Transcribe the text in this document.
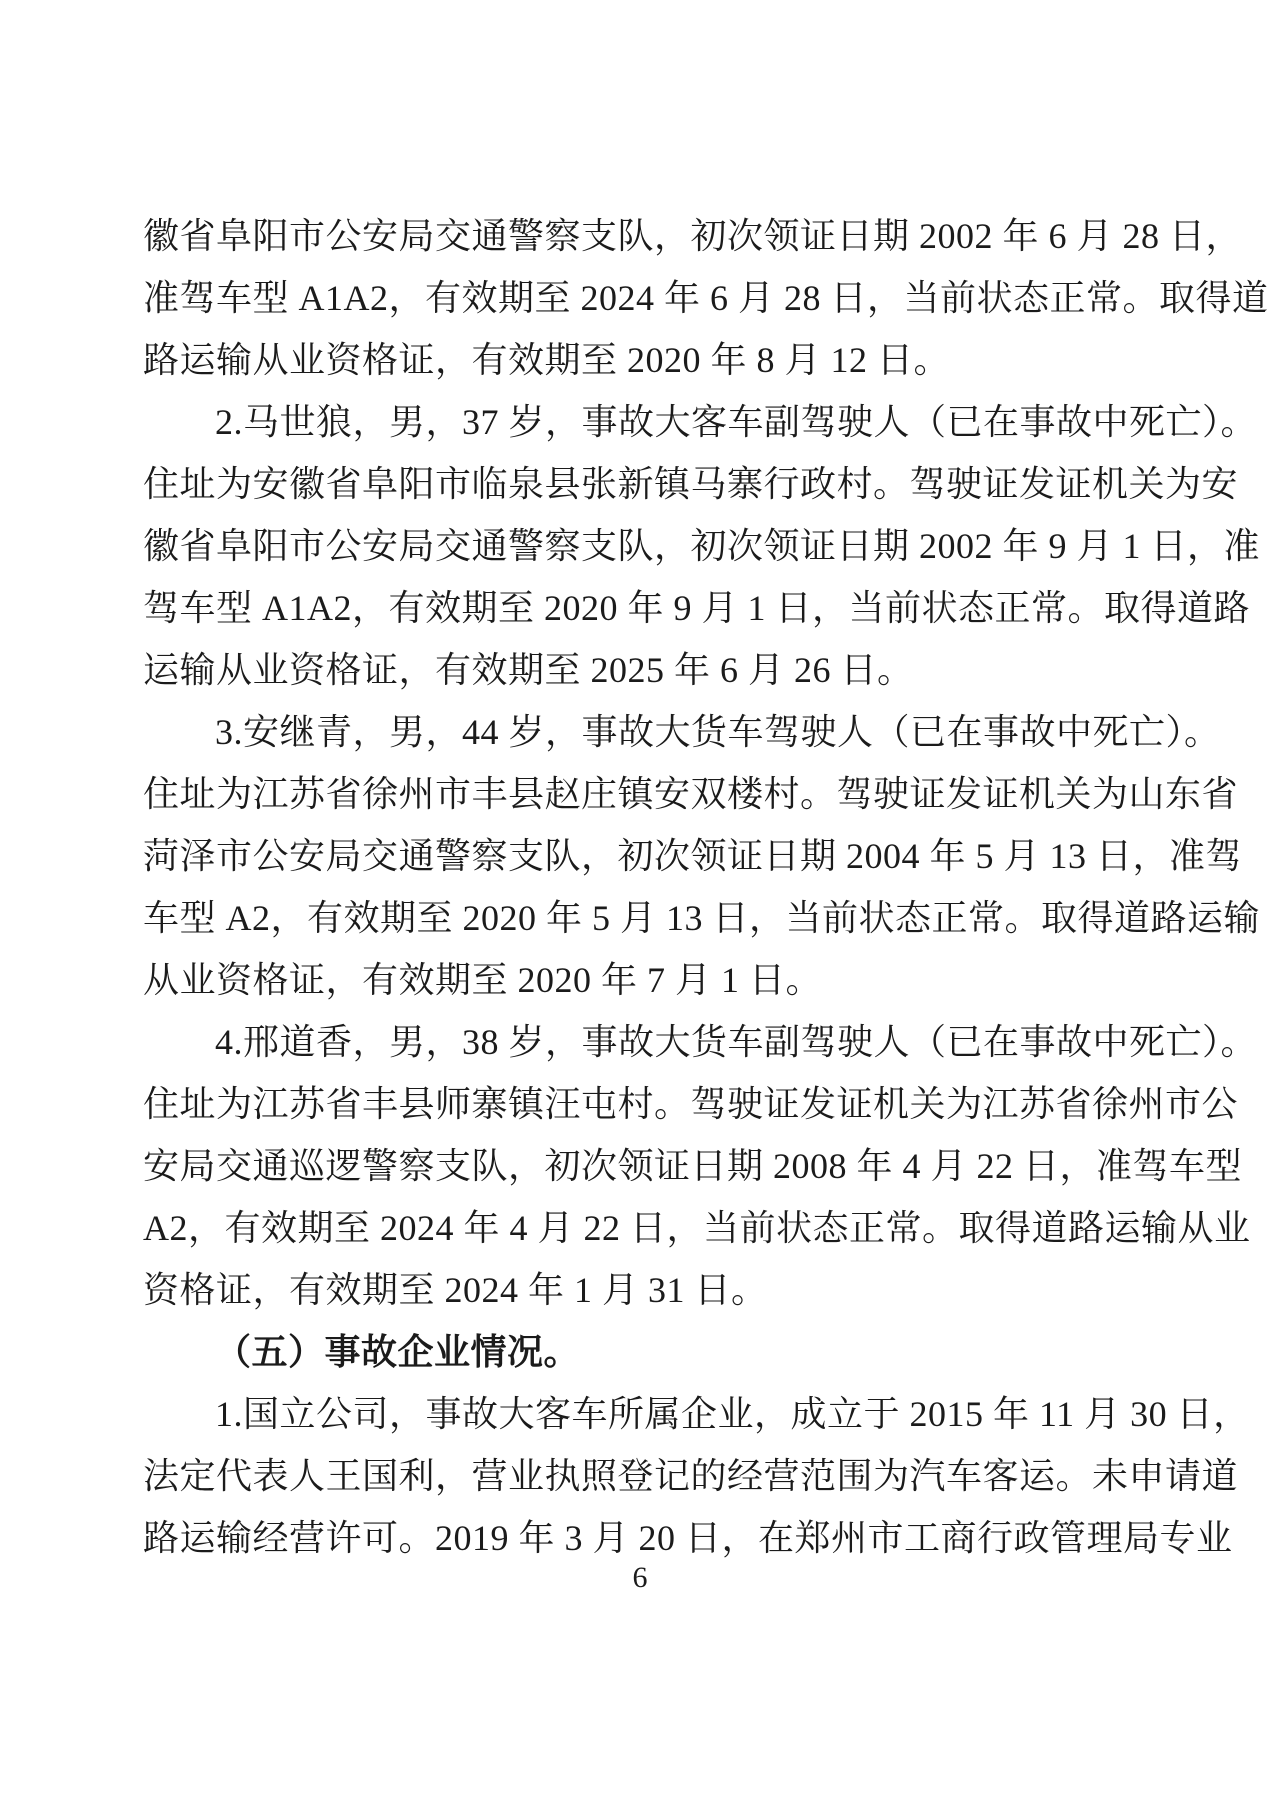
徽省阜阳市公安局交通警察支队，初次领证日期 2002 年 6 月 28 日，
准驾车型 A1A2，有效期至 2024 年 6 月 28 日，当前状态正常。取得道
路运输从业资格证，有效期至 2020 年 8 月 12 日。
2.马世狼，男，37 岁，事故大客车副驾驶人（已在事故中死亡）。
住址为安徽省阜阳市临泉县张新镇马寨行政村。驾驶证发证机关为安
徽省阜阳市公安局交通警察支队，初次领证日期 2002 年 9 月 1 日，准
驾车型 A1A2，有效期至 2020 年 9 月 1 日，当前状态正常。取得道路
运输从业资格证，有效期至 2025 年 6 月 26 日。
3.安继青，男，44 岁，事故大货车驾驶人（已在事故中死亡）。
住址为江苏省徐州市丰县赵庄镇安双楼村。驾驶证发证机关为山东省
菏泽市公安局交通警察支队，初次领证日期 2004 年 5 月 13 日，准驾
车型 A2，有效期至 2020 年 5 月 13 日，当前状态正常。取得道路运输
从业资格证，有效期至 2020 年 7 月 1 日。
4.邢道香，男，38 岁，事故大货车副驾驶人（已在事故中死亡）。
住址为江苏省丰县师寨镇汪屯村。驾驶证发证机关为江苏省徐州市公
安局交通巡逻警察支队，初次领证日期 2008 年 4 月 22 日，准驾车型
A2，有效期至 2024 年 4 月 22 日，当前状态正常。取得道路运输从业
资格证，有效期至 2024 年 1 月 31 日。
（五）事故企业情况。
1.国立公司，事故大客车所属企业，成立于 2015 年 11 月 30 日，
法定代表人王国利，营业执照登记的经营范围为汽车客运。未申请道
路运输经营许可。2019 年 3 月 20 日，在郑州市工商行政管理局专业
6
